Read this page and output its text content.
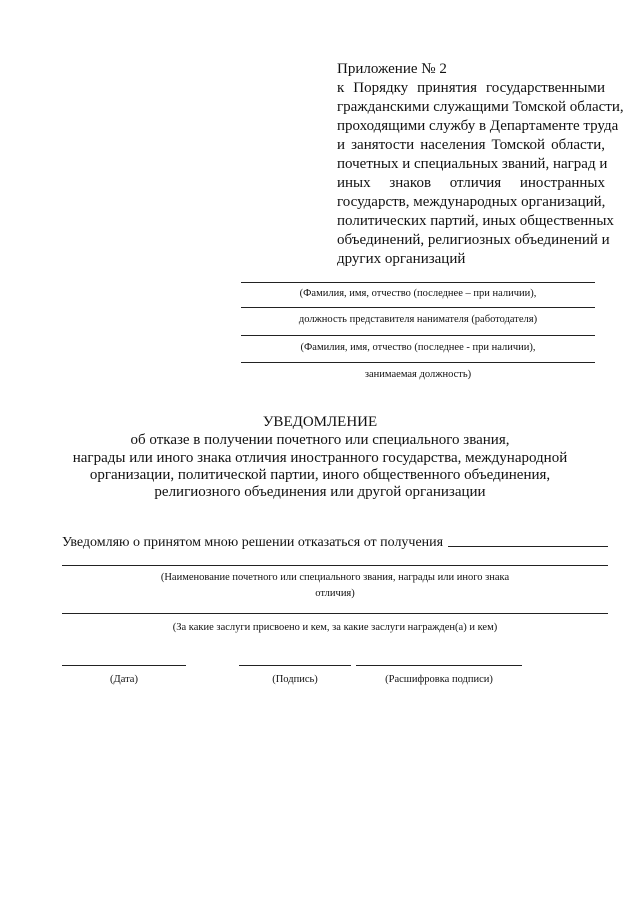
Приложение № 2
к Порядку принятия государственными
гражданскими служащими Томской области,
проходящими службу в Департаменте труда
и занятости населения Томской области,
почетных и специальных званий, наград и
иных знаков отличия иностранных
государств, международных организаций,
политических партий, иных общественных
объединений, религиозных объединений и
других организаций
(Фамилия, имя, отчество (последнее – при наличии),
должность представителя нанимателя (работодателя)
(Фамилия, имя, отчество (последнее - при наличии),
занимаемая должность)
УВЕДОМЛЕНИЕ
об отказе в получении почетного или специального звания,
награды или иного знака отличия иностранного государства, международной
организации, политической партии, иного общественного объединения,
религиозного объединения или другой организации
Уведомляю о принятом мною решении отказаться от получения
(Наименование почетного или специального звания, награды или иного знака
отличия)
(За какие заслуги присвоено и кем, за какие заслуги награжден(а) и кем)
(Дата)	(Подпись)	(Расшифровка подписи)
